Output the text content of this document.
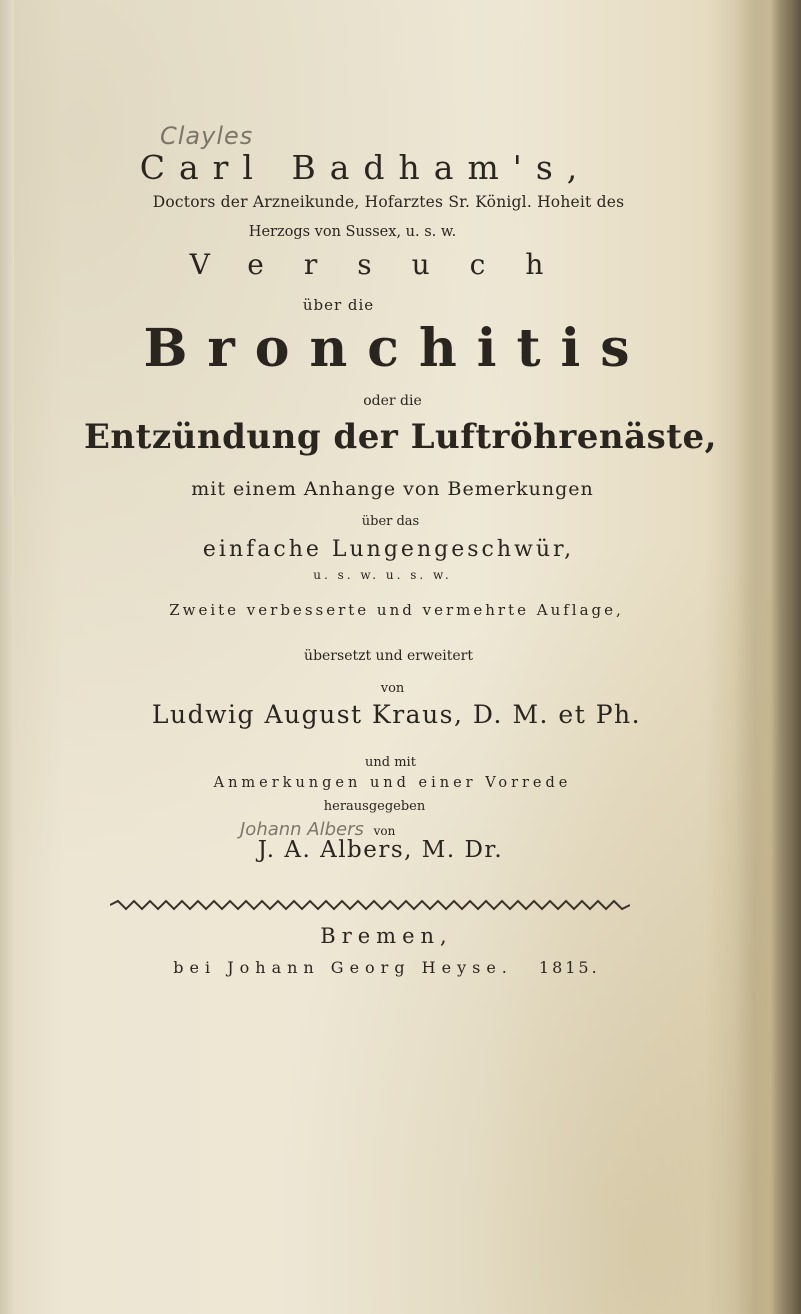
Clayles
Carl Badham's,
Doctors der Arzneikunde, Hofarztes Sr. Königl. Hoheit des
Herzogs von Sussex, u. s. w.
Versuch
über die
Bronchitis
oder die
Entzündung der Luftröhrenäste,
mit einem Anhange von Bemerkungen
über das
einfache Lungengeschwür,
u. s. w. u. s. w.
Zweite verbesserte und vermehrte Auflage,
übersetzt und erweitert
von
Ludwig August Kraus, D. M. et Ph.
und mit
Anmerkungen und einer Vorrede
herausgegeben
Johann Albers von
J. A. Albers, M. Dr.
Bremen,
bei Johann Georg Heyse. 1815.
